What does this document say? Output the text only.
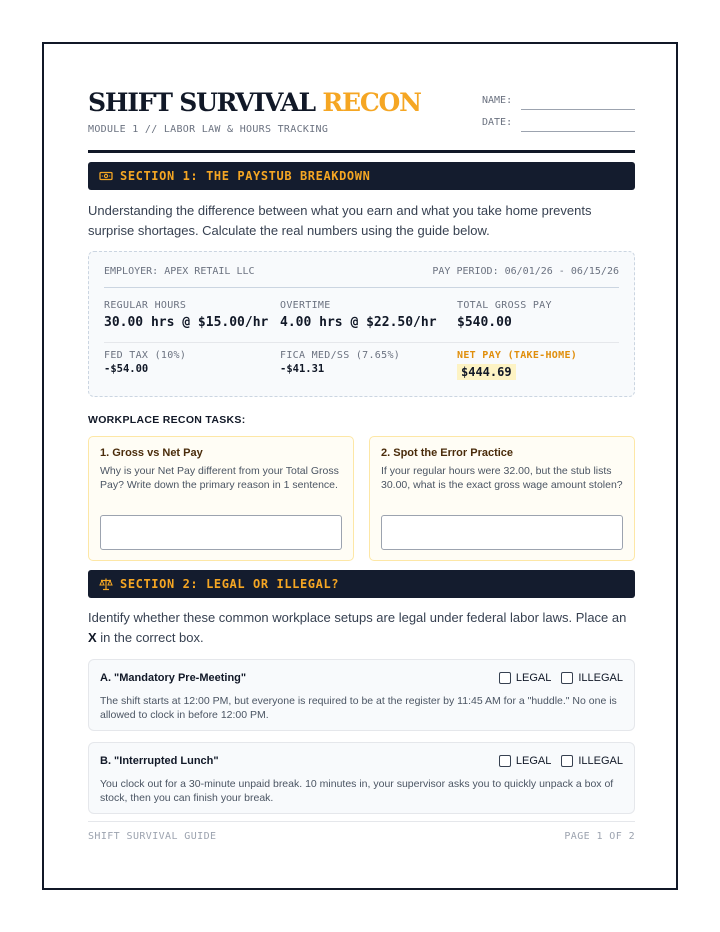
SHIFT SURVIVAL RECON
MODULE 1 // LABOR LAW & HOURS TRACKING
NAME:
DATE:
SECTION 1: THE PAYSTUB BREAKDOWN
Understanding the difference between what you earn and what you take home prevents surprise shortages. Calculate the real numbers using the guide below.
EMPLOYER: APEX RETAIL LLC	PAY PERIOD: 06/01/26 - 06/15/26
REGULAR HOURS
30.00 hrs @ $15.00/hr
OVERTIME
4.00 hrs @ $22.50/hr
TOTAL GROSS PAY
$540.00
FED TAX (10%)
-$54.00
FICA MED/SS (7.65%)
-$41.31
NET PAY (TAKE-HOME)
$444.69
WORKPLACE RECON TASKS:
1. Gross vs Net Pay
Why is your Net Pay different from your Total Gross Pay? Write down the primary reason in 1 sentence.
2. Spot the Error Practice
If your regular hours were 32.00, but the stub lists 30.00, what is the exact gross wage amount stolen?
SECTION 2: LEGAL OR ILLEGAL?
Identify whether these common workplace setups are legal under federal labor laws. Place an X in the correct box.
A. "Mandatory Pre-Meeting"	LEGAL ILLEGAL
The shift starts at 12:00 PM, but everyone is required to be at the register by 11:45 AM for a "huddle." No one is allowed to clock in before 12:00 PM.
B. "Interrupted Lunch"	LEGAL ILLEGAL
You clock out for a 30-minute unpaid break. 10 minutes in, your supervisor asks you to quickly unpack a box of stock, then you can finish your break.
SHIFT SURVIVAL GUIDE	PAGE 1 OF 2
